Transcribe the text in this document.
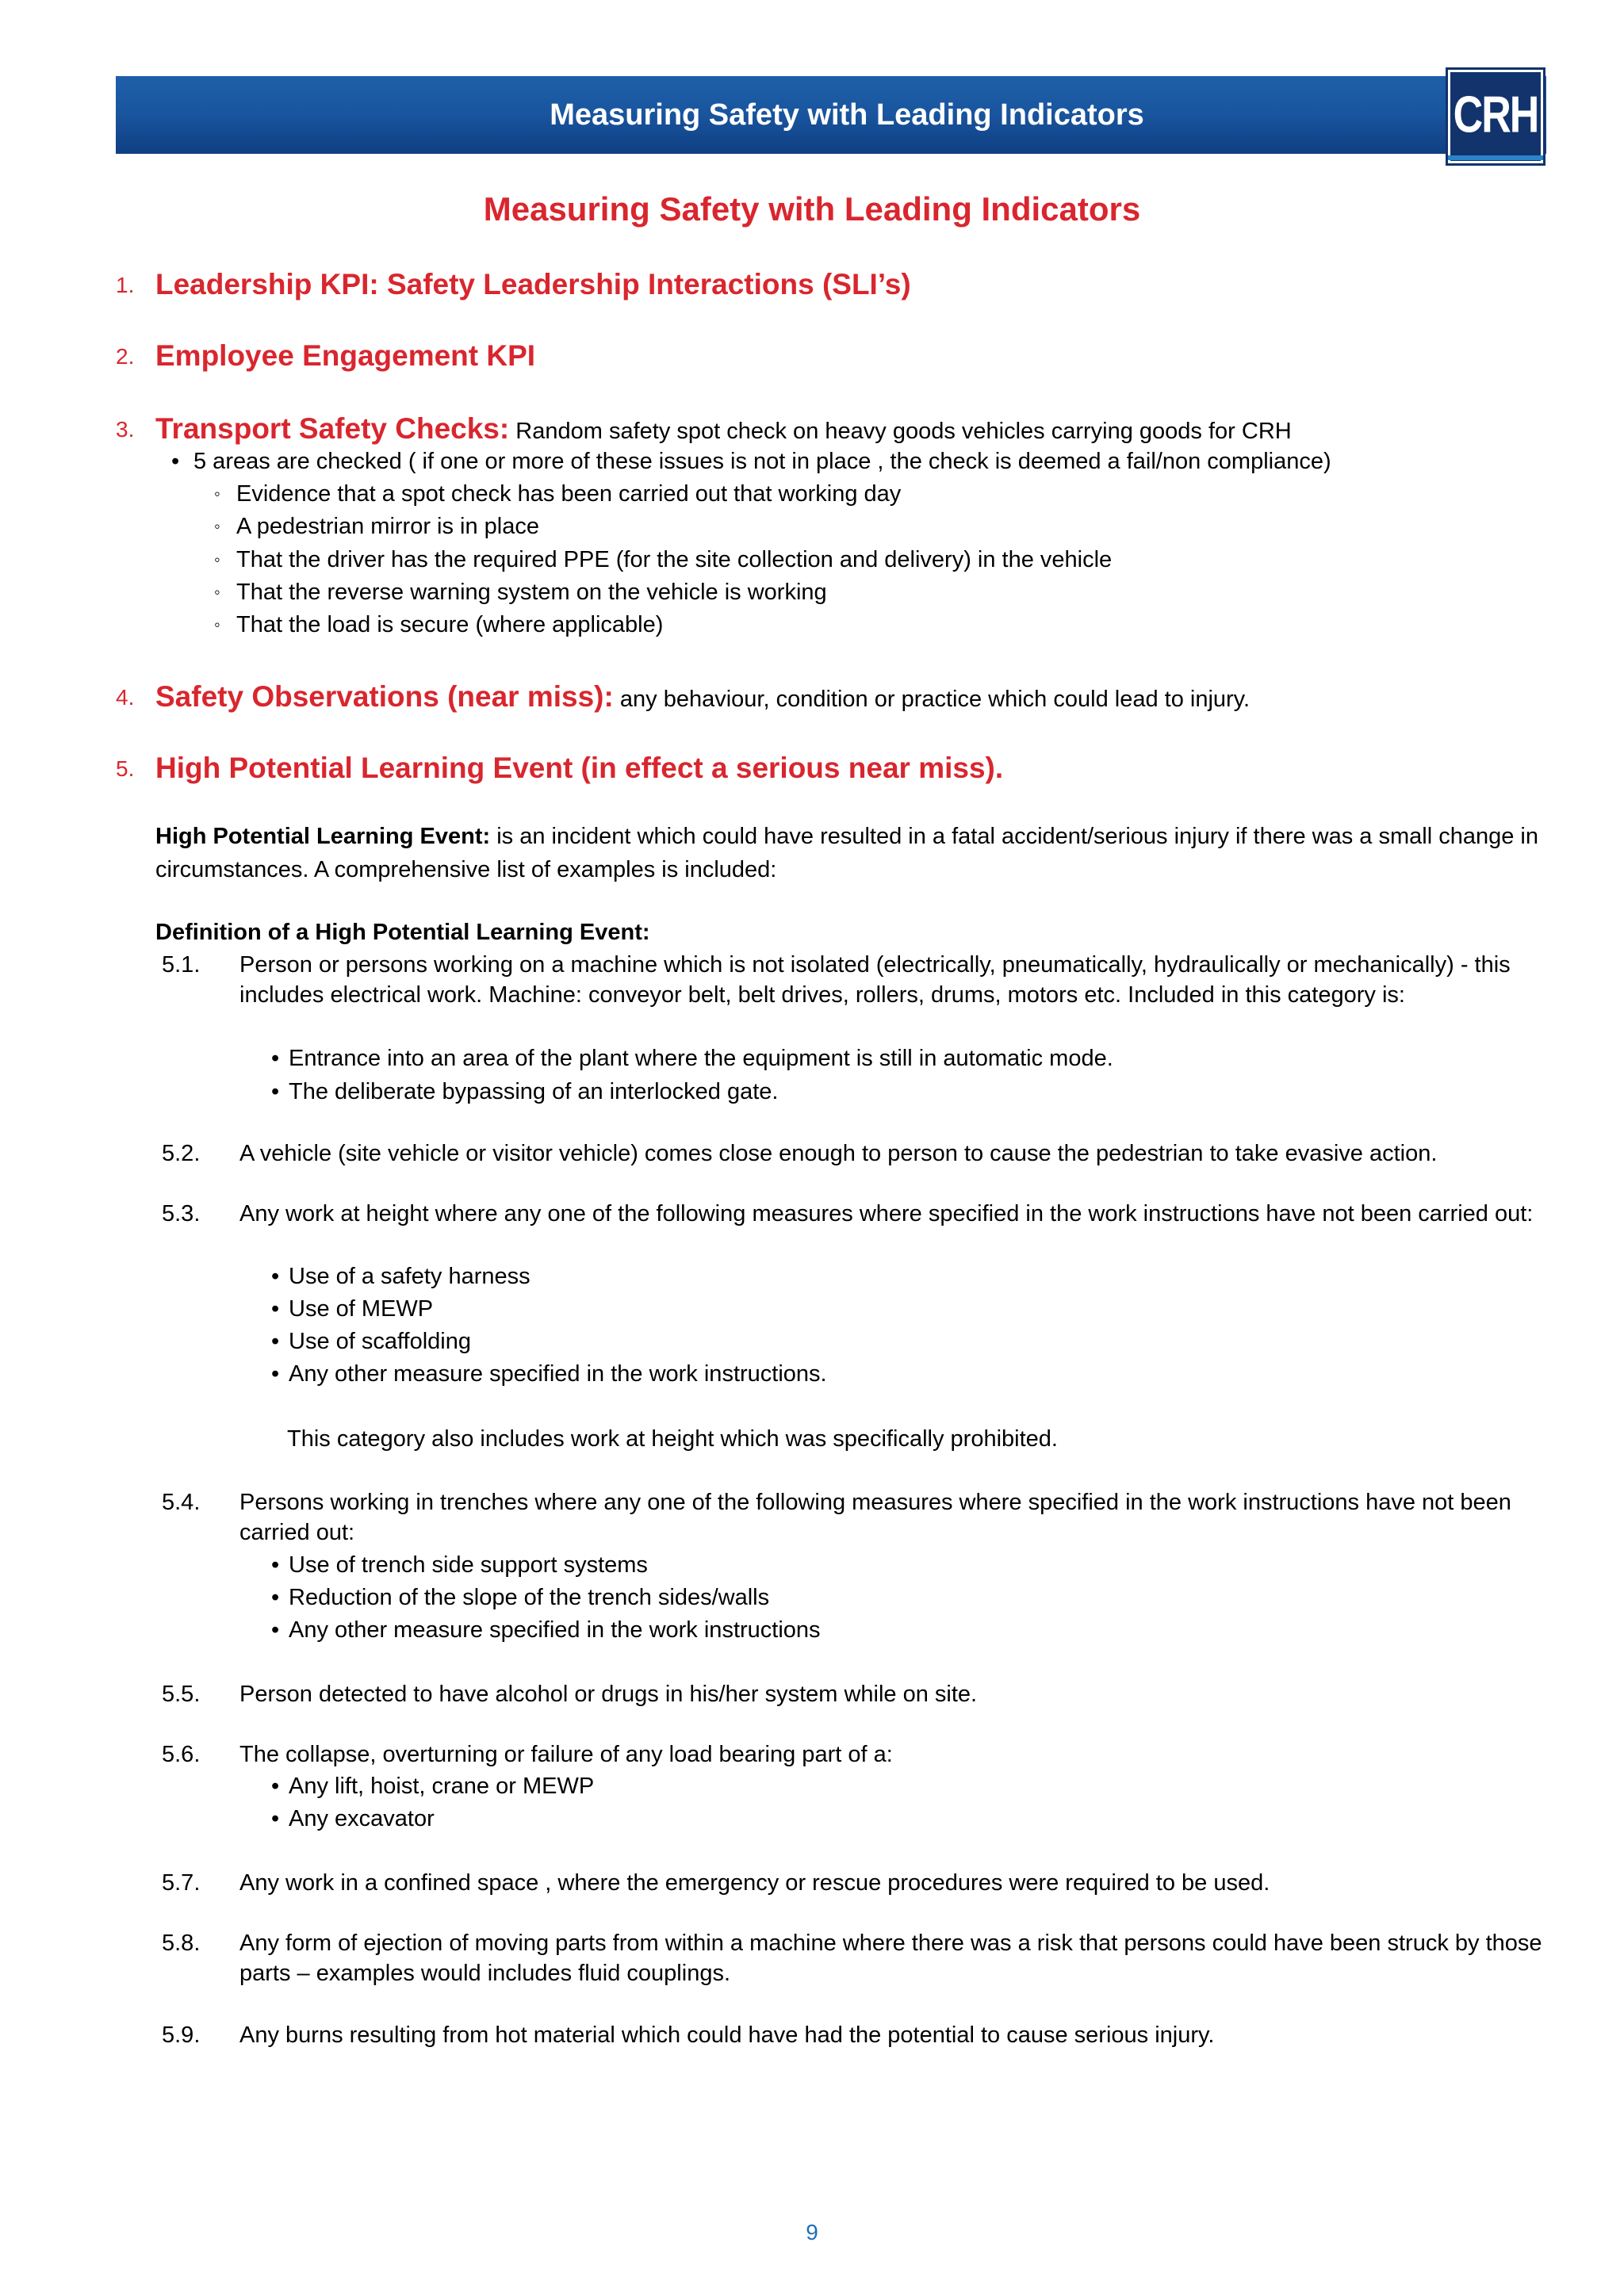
Measuring Safety with Leading Indicators	CRH
Measuring Safety with Leading Indicators
1. Leadership KPI: Safety Leadership Interactions (SLI’s)
2. Employee Engagement KPI
3. Transport Safety Checks: Random safety spot check on heavy goods vehicles carrying goods for CRH
• 5 areas are checked ( if one or more of these issues is not in place , the check is deemed a fail/non compliance)
◦ Evidence that a spot check has been carried out that working day
◦ A pedestrian mirror is in place
◦ That the driver has the required PPE (for the site collection and delivery) in the vehicle
◦ That the reverse warning system on the vehicle is working
◦ That the load is secure (where applicable)
4. Safety Observations (near miss): any behaviour, condition or practice which could lead to injury.
5. High Potential Learning Event (in effect a serious near miss).
High Potential Learning Event: is an incident which could have resulted in a fatal accident/serious injury if there was a small change in circumstances. A comprehensive list of examples is included:
Definition of a High Potential Learning Event:
5.1. Person or persons working on a machine which is not isolated (electrically, pneumatically, hydraulically or mechanically) - this includes electrical work. Machine: conveyor belt, belt drives, rollers, drums, motors etc. Included in this category is:
• Entrance into an area of the plant where the equipment is still in automatic mode.
• The deliberate bypassing of an interlocked gate.
5.2. A vehicle (site vehicle or visitor vehicle) comes close enough to person to cause the pedestrian to take evasive action.
5.3. Any work at height where any one of the following measures where specified in the work instructions have not been carried out:
• Use of a safety harness
• Use of MEWP
• Use of scaffolding
• Any other measure specified in the work instructions.
This category also includes work at height which was specifically prohibited.
5.4. Persons working in trenches where any one of the following measures where specified in the work instructions have not been carried out:
• Use of trench side support systems
• Reduction of the slope of the trench sides/walls
• Any other measure specified in the work instructions
5.5. Person detected to have alcohol or drugs in his/her system while on site.
5.6. The collapse, overturning or failure of any load bearing part of a:
• Any lift, hoist, crane or MEWP
• Any excavator
5.7. Any work in a confined space , where the emergency or rescue procedures were required to be used.
5.8. Any form of ejection of moving parts from within a machine where there was a risk that persons could have been struck by those parts – examples would includes fluid couplings.
5.9. Any burns resulting from hot material which could have had the potential to cause serious injury.
9
